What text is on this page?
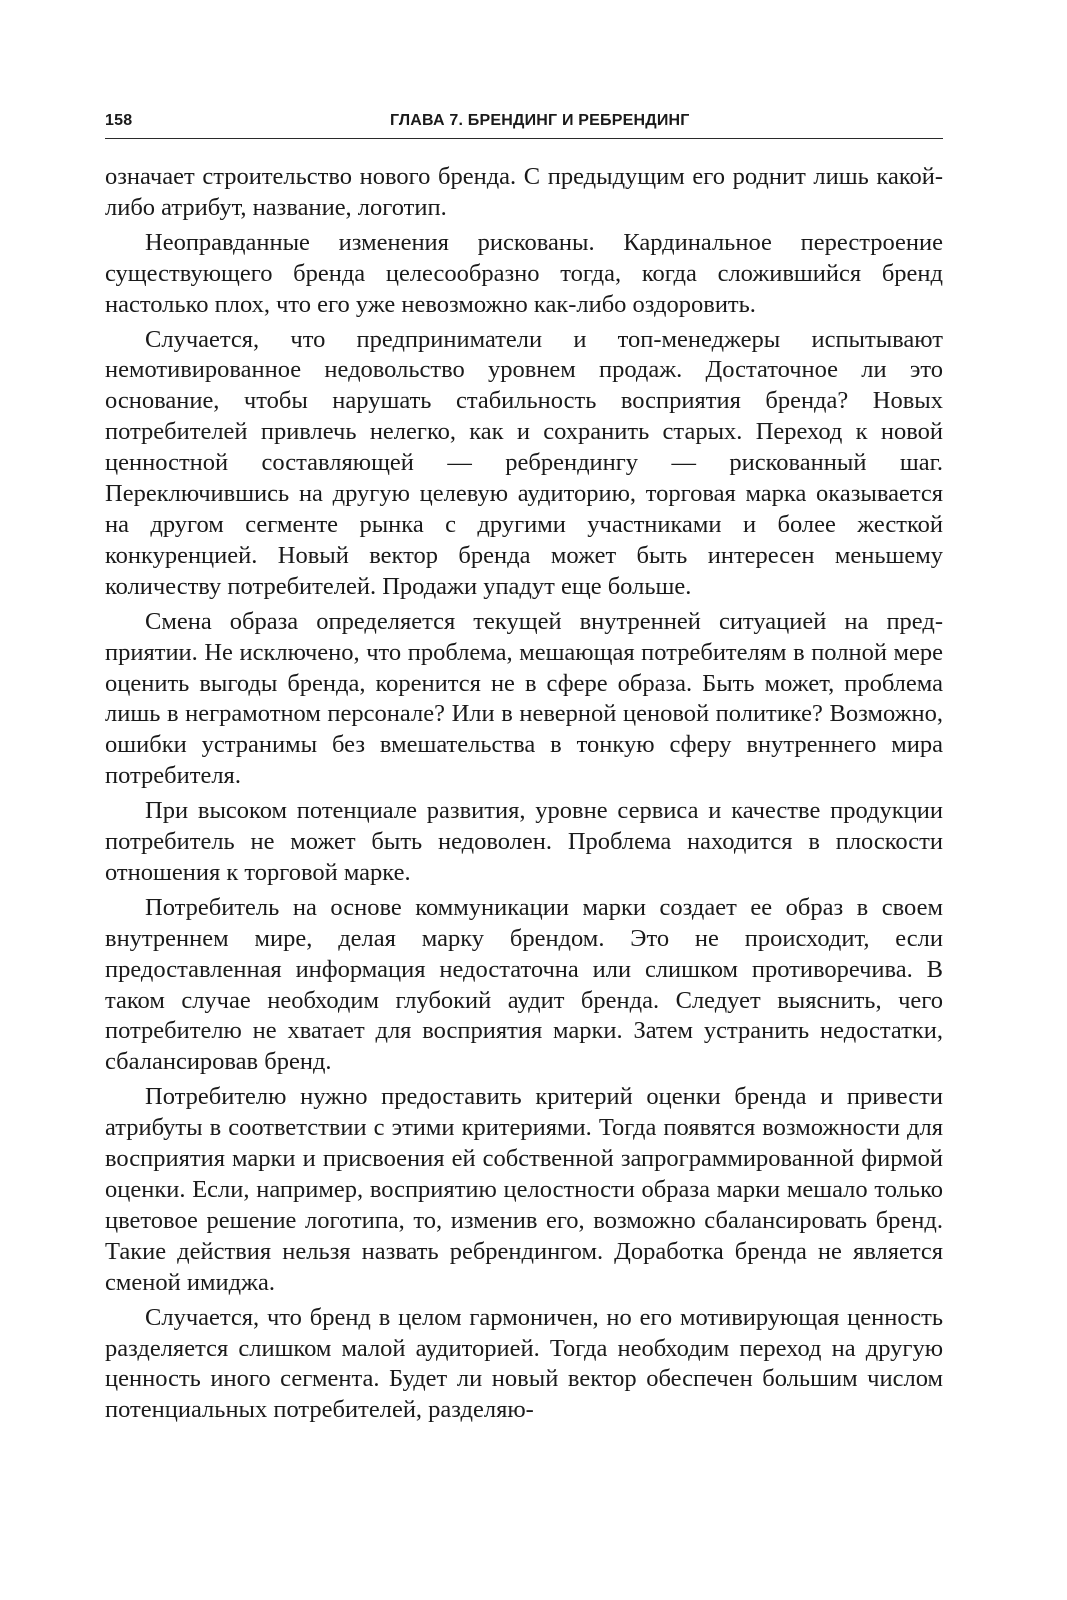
158	ГЛАВА 7. БРЕНДИНГ И РЕБРЕНДИНГ

означает строительство нового бренда. С предыдущим его роднит лишь какой-либо атрибут, название, логотип.

Неоправданные изменения рискованы. Кардинальное перестроение существующего бренда целесообразно тогда, когда сложившийся бренд настолько плох, что его уже невозможно как-либо оздоровить.

Случается, что предприниматели и топ-менеджеры испытывают немотивированное недовольство уровнем продаж. Достаточное ли это основание, чтобы нарушать стабильность восприятия бренда? Новых потребителей привлечь нелегко, как и сохранить старых. Переход к новой ценностной составляющей — ребрендингу — рискованный шаг. Переключившись на другую целевую аудиторию, торговая марка оказывается на другом сегменте рынка с другими участниками и более жесткой конкуренцией. Новый вектор бренда может быть интересен меньшему количеству потребителей. Продажи упадут еще больше.

Смена образа определяется текущей внутренней ситуацией на предприятии. Не исключено, что проблема, мешающая потребителям в полной мере оценить выгоды бренда, коренится не в сфере образа. Быть может, проблема лишь в неграмотном персонале? Или в неверной ценовой политике? Возможно, ошибки устранимы без вмешательства в тонкую сферу внутреннего мира потребителя.

При высоком потенциале развития, уровне сервиса и качестве продукции потребитель не может быть недоволен. Проблема находится в плоскости отношения к торговой марке.

Потребитель на основе коммуникации марки создает ее образ в своем внутреннем мире, делая марку брендом. Это не происходит, если предоставленная информация недостаточна или слишком противоречива. В таком случае необходим глубокий аудит бренда. Следует выяснить, чего потребителю не хватает для восприятия марки. Затем устранить недостатки, сбалансировав бренд.

Потребителю нужно предоставить критерий оценки бренда и привести атрибуты в соответствии с этими критериями. Тогда появятся возможности для восприятия марки и присвоения ей собственной запрограммированной фирмой оценки. Если, например, восприятию целостности образа марки мешало только цветовое решение логотипа, то, изменив его, возможно сбалансировать бренд. Такие действия нельзя назвать ребрендингом. Доработка бренда не является сменой имиджа.

Случается, что бренд в целом гармоничен, но его мотивирующая ценность разделяется слишком малой аудиторией. Тогда необходим переход на другую ценность иного сегмента. Будет ли новый вектор обеспечен большим числом потенциальных потребителей, разделяю-
